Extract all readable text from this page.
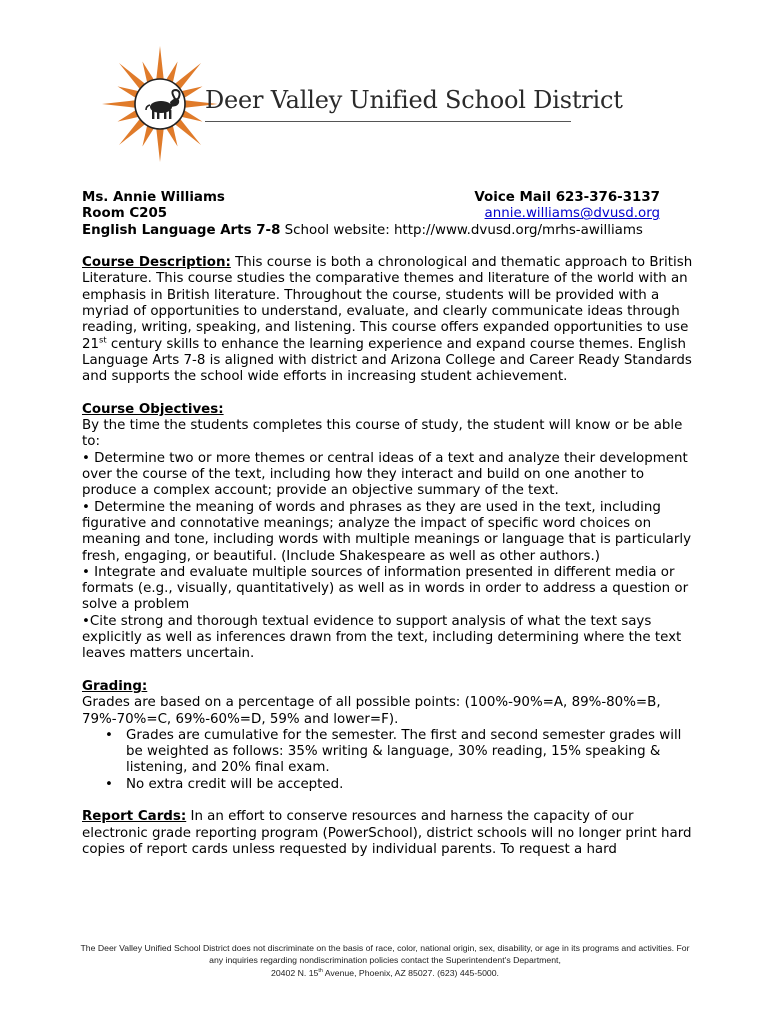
Deer Valley Unified School District
Ms. Annie Williams	Voice Mail 623-376-3137
Room C205	annie.williams@dvusd.org
English Language Arts 7-8 School website: http://www.dvusd.org/mrhs-awilliams

Course Description: This course is both a chronological and thematic approach to British Literature. This course studies the comparative themes and literature of the world with an emphasis in British literature. Throughout the course, students will be provided with a myriad of opportunities to understand, evaluate, and clearly communicate ideas through reading, writing, speaking, and listening. This course offers expanded opportunities to use 21st century skills to enhance the learning experience and expand course themes. English Language Arts 7-8 is aligned with district and Arizona College and Career Ready Standards and supports the school wide efforts in increasing student achievement.

Course Objectives:

By the time the students completes this course of study, the student will know or be able to:

• Determine two or more themes or central ideas of a text and analyze their development over the course of the text, including how they interact and build on one another to produce a complex account; provide an objective summary of the text.

• Determine the meaning of words and phrases as they are used in the text, including figurative and connotative meanings; analyze the impact of specific word choices on meaning and tone, including words with multiple meanings or language that is particularly fresh, engaging, or beautiful. (Include Shakespeare as well as other authors.)

• Integrate and evaluate multiple sources of information presented in different media or formats (e.g., visually, quantitatively) as well as in words in order to address a question or solve a problem

•Cite strong and thorough textual evidence to support analysis of what the text says explicitly as well as inferences drawn from the text, including determining where the text leaves matters uncertain.

Grading:

Grades are based on a percentage of all possible points: (100%-90%=A, 89%-80%=B, 79%-70%=C, 69%-60%=D, 59% and lower=F).

• Grades are cumulative for the semester. The first and second semester grades will be weighted as follows: 35% writing & language, 30% reading, 15% speaking & listening, and 20% final exam.
• No extra credit will be accepted.

Report Cards: In an effort to conserve resources and harness the capacity of our electronic grade reporting program (PowerSchool), district schools will no longer print hard copies of report cards unless requested by individual parents. To request a hard

The Deer Valley Unified School District does not discriminate on the basis of race, color, national origin, sex, disability, or age in its programs and activities. For any inquiries regarding nondiscrimination policies contact the Superintendent's Department,
20402 N. 15th Avenue, Phoenix, AZ 85027. (623) 445-5000.
